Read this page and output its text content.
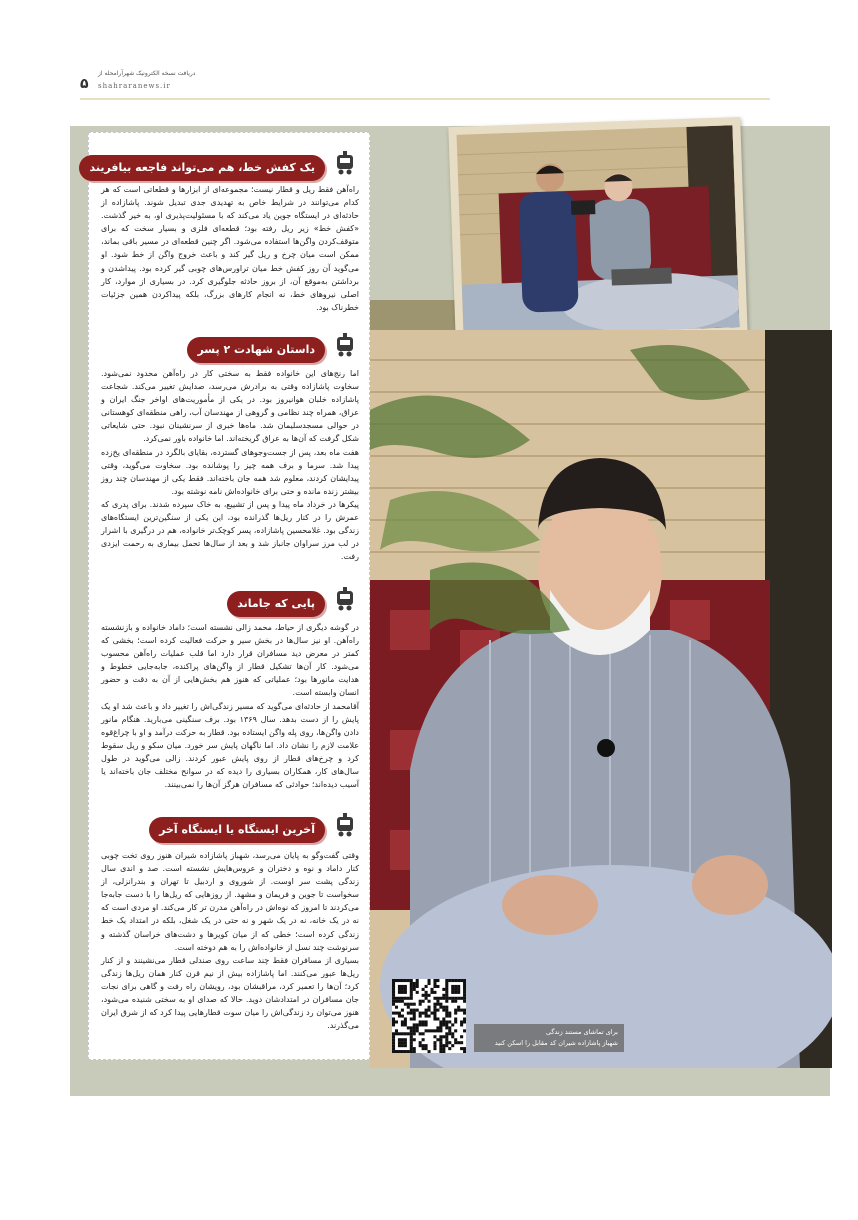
۵
دریافت نسخه الکترونیک شهرآرامحله از
shahraranews.ir
برای تماشای مستند زندگی
شهباز پاشازاده شیران کد مقابل را اسکن کنید
یک کفش خط، هم می‌تواند فاجعه بیافریند

راه‌آهن فقط ریل و قطار نیست؛ مجموعه‌ای از ابزارها و قطعاتی است که هر کدام می‌توانند در شرایط خاص به تهدیدی جدی تبدیل شوند. پاشازاده از حادثه‌ای در ایستگاه جوین یاد می‌کند که با مسئولیت‌پذیری او، به خیر گذشت. «کفش خط» زیر ریل رفته بود؛ قطعه‌ای فلزی و بسیار سخت که برای متوقف‌کردن واگن‌ها استفاده می‌شود. اگر چنین قطعه‌ای در مسیر باقی بماند، ممکن است میان چرخ و ریل گیر کند و باعث خروج واگن از خط شود. او می‌گوید آن روز کفش خط میان تراورس‌های چوبی گیر کرده بود. پیداشدن و برداشتن به‌موقع آن، از بروز حادثه جلوگیری کرد. در بسیاری از موارد، کار اصلی نیروهای خط، نه انجام کارهای بزرگ، بلکه پیداکردن همین جزئیات خطرناک بود.

داستان شهادت ۲ پسر

اما رنج‌های این خانواده فقط به سختی کار در راه‌آهن محدود نمی‌شود. سخاوت پاشازاده وقتی به برادرش می‌رسد، صدایش تغییر می‌کند. شجاعت پاشازاده خلبان هوانیروز بود. در یکی از مأموریت‌های اواخر جنگ ایران و عراق، همراه چند نظامی و گروهی از مهندسان آب، راهی منطقه‌ای کوهستانی در حوالی مسجدسلیمان شد. ماه‌ها خبری از سرنشینان نبود. حتی شایعاتی شکل گرفت که آن‌ها به عراق گریخته‌اند. اما خانواده باور نمی‌کرد.

هفت ماه بعد، پس از جست‌وجوهای گسترده، بقایای بالگرد در منطقه‌ای یخ‌زده پیدا شد. سرما و برف همه چیز را پوشانده بود. سخاوت می‌گوید، وقتی پیدایشان کردند، معلوم شد همه جان باخته‌اند. فقط یکی از مهندسان چند روز بیشتر زنده مانده و حتی برای خانواده‌اش نامه نوشته بود.

پیکرها در خرداد ماه پیدا و پس از تشییع، به خاک سپرده شدند. برای پدری که عمرش را در کنار ریل‌ها گذرانده بود، این یکی از سنگین‌ترین ایستگاه‌های زندگی بود. غلامحسین پاشازاده، پسر کوچک‌تر خانواده، هم در درگیری با اشرار در لب مرز سراوان جانباز شد و بعد از سال‌ها تحمل بیماری به رحمت ایزدی رفت.

پایی که جاماند

در گوشه دیگری از حیاط، محمد زالی نشسته است؛ داماد خانواده و بازنشسته راه‌آهن. او نیز سال‌ها در بخش سیر و حرکت فعالیت کرده است؛ بخشی که کمتر در معرض دید مسافران قرار دارد اما قلب عملیات راه‌آهن محسوب می‌شود. کار آن‌ها تشکیل قطار از واگن‌های پراکنده، جابه‌جایی خطوط و هدایت مانورها بود؛ عملیاتی که هنوز هم بخش‌هایی از آن به دقت و حضور انسان وابسته است.

آقامحمد از حادثه‌ای می‌گوید که مسیر زندگی‌اش را تغییر داد و باعث شد او یک پایش را از دست بدهد. سال ۱۳۶۹ بود. برف سنگینی می‌بارید. هنگام مانور دادن واگن‌ها، روی پله واگن ایستاده بود. قطار به حرکت درآمد و او با چراغ‌قوه علامت لازم را نشان داد. اما ناگهان پایش سر خورد. میان سکو و ریل سقوط کرد و چرخ‌های قطار از روی پایش عبور کردند. زالی می‌گوید در طول سال‌های کار، همکاران بسیاری را دیده که در سوانح مختلف جان باخته‌اند یا آسیب دیده‌اند؛ حوادثی که مسافران هرگز آن‌ها را نمی‌بینند.

آخرین ایستگاه یا ایستگاه آخر

وقتی گفت‌وگو به پایان می‌رسد، شهباز پاشازاده شیران هنوز روی تخت چوبی کنار داماد و نوه و دختران و عروس‌هایش نشسته است. صد و اندی سال زندگی پشت سر اوست. از شوروی و اردبیل تا تهران و بندرانزلی، از سخواست تا جوین و فریمان و مشهد. از روزهایی که ریل‌ها را با دست جابه‌جا می‌کردند تا امروز که نوه‌اش در راه‌آهن مدرن تر کار می‌کند. او مردی است که نه در یک خانه، نه در یک شهر و نه حتی در یک شغل، بلکه در امتداد یک خط زندگی کرده است؛ خطی که از میان کویرها و دشت‌های خراسان گذشته و سرنوشت چند نسل از خانواده‌اش را به هم دوخته است.

بسیاری از مسافران فقط چند ساعت روی صندلی قطار می‌نشینند و از کنار ریل‌ها عبور می‌کنند. اما پاشازاده بیش از نیم قرن کنار همان ریل‌ها زندگی کرد؛ آن‌ها را تعمیر کرد، مراقبشان بود، رویشان راه رفت و گاهی برای نجات جان مسافران در امتدادشان دوید. حالا که صدای او به سختی شنیده می‌شود، هنوز می‌توان رد زندگی‌اش را میان سوت قطارهایی پیدا کرد که از شرق ایران می‌گذرند.
